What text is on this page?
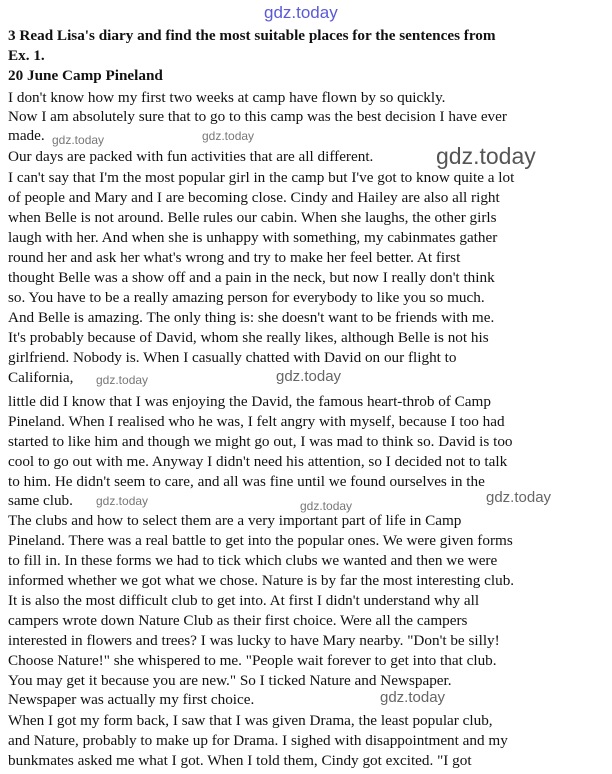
gdz.today
3 Read Lisa's diary and find the most suitable places for the sentences from
Ex. 1.
20 June Camp Pineland
I don't know how my first two weeks at camp have flown by so quickly.
Now I am absolutely sure that to go to this camp was the best decision I have ever
made.
Our days are packed with fun activities that are all different.
I can't say that I'm the most popular girl in the camp but I've got to know quite a lot
of people and Mary and I are becoming close. Cindy and Hailey are also all right
when Belle is not around. Belle rules our cabin. When she laughs, the other girls
laugh with her. And when she is unhappy with something, my cabinmates gather
round her and ask her what's wrong and try to make her feel better. At first
thought Belle was a show off and a pain in the neck, but now I really don't think
so. You have to be a really amazing person for everybody to like you so much.
And Belle is amazing. The only thing is: she doesn't want to be friends with me.
It's probably because of David, whom she really likes, although Belle is not his
girlfriend. Nobody is. When I casually chatted with David on our flight to
California,
little did I know that I was enjoying the David, the famous heart-throb of Camp
Pineland. When I realised who he was, I felt angry with myself, because I too had
started to like him and though we might go out, I was mad to think so. David is too
cool to go out with me. Anyway I didn't need his attention, so I decided not to talk
to him. He didn't seem to care, and all was fine until we found ourselves in the
same club.
The clubs and how to select them are a very important part of life in Camp
Pineland. There was a real battle to get into the popular ones. We were given forms
to fill in. In these forms we had to tick which clubs we wanted and then we were
informed whether we got what we chose. Nature is by far the most interesting club.
It is also the most difficult club to get into. At first I didn't understand why all
campers wrote down Nature Club as their first choice. Were all the campers
interested in flowers and trees? I was lucky to have Mary nearby. "Don't be silly!
Choose Nature!" she whispered to me. "People wait forever to get into that club.
You may get it because you are new." So I ticked Nature and Newspaper.
Newspaper was actually my first choice.
When I got my form back, I saw that I was given Drama, the least popular club,
and Nature, probably to make up for Drama. I sighed with disappointment and my
bunkmates asked me what I got. When I told them, Cindy got excited. "I got
gdz.today	gdz.today
gdz.today
gdz.today	gdz.today
gdz.today	gdz.today	gdz.today
gdz.today
